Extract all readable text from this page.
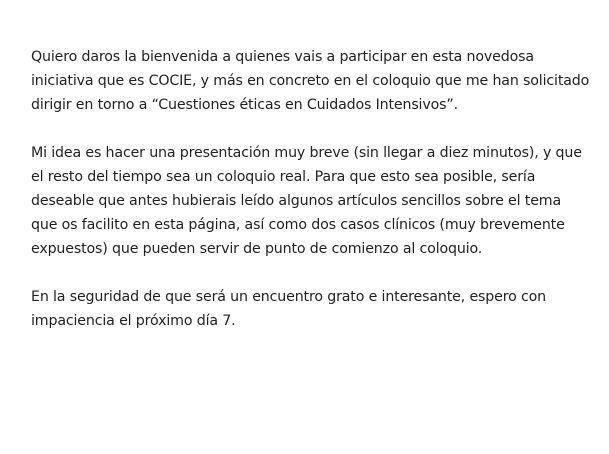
Quiero daros la bienvenida a quienes vais a participar en esta novedosa iniciativa que es COCIE, y más en concreto en el coloquio que me han solicitado dirigir en torno a “Cuestiones éticas en Cuidados Intensivos”.

Mi idea es hacer una presentación muy breve (sin llegar a diez minutos), y que el resto del tiempo sea un coloquio real. Para que esto sea posible, sería deseable que antes hubierais leído algunos artículos sencillos sobre el tema que os facilito en esta página, así como dos casos clínicos (muy brevemente expuestos) que pueden servir de punto de comienzo al coloquio.

En la seguridad de que será un encuentro grato e interesante, espero con impaciencia el próximo día 7.
